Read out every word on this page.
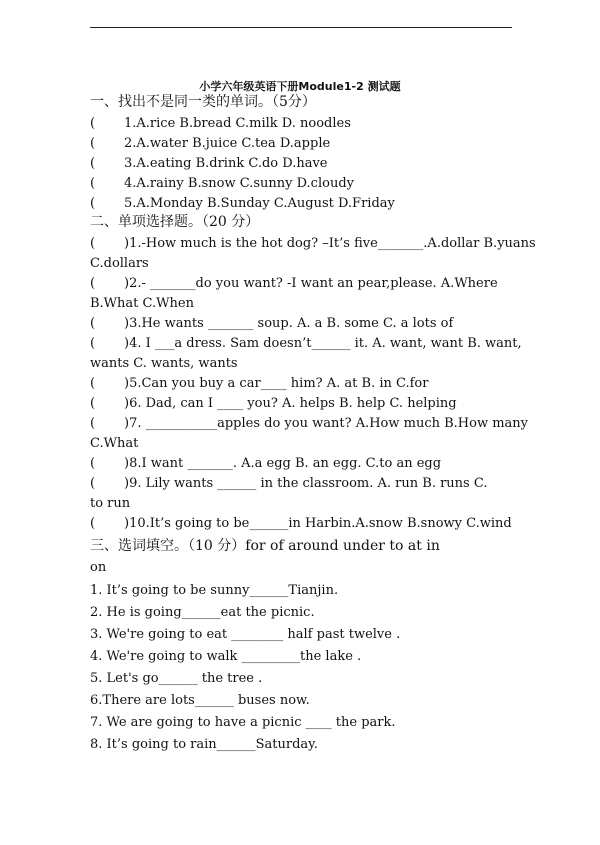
小学六年级英语下册Module1-2 测试题
一、找出不是同一类的单词。（5分）
( 1.A.rice B.bread C.milk D. noodles
( 2.A.water B.juice C.tea D.apple
( 3.A.eating B.drink C.do D.have
( 4.A.rainy B.snow C.sunny D.cloudy
( 5.A.Monday B.Sunday C.August D.Friday
二、单项选择题。（20 分）
( )1.-How much is the hot dog? –It’s five_______.A.dollar B.yuans
C.dollars
( )2.- _______do you want? -I want an pear,please. A.Where
B.What C.When
( )3.He wants _______ soup. A. a B. some C. a lots of
( )4. I ___a dress. Sam doesn’t______ it. A. want, want B. want,
wants C. wants, wants
( )5.Can you buy a car____ him? A. at B. in C.for
( )6. Dad, can I ____ you? A. helps B. help C. helping
( )7. ___________apples do you want? A.How much B.How many
C.What
( )8.I want _______. A.a egg B. an egg. C.to an egg
( )9. Lily wants ______ in the classroom. A. run B. runs C.
to run
( )10.It’s going to be______in Harbin.A.snow B.snowy C.wind
三、选词填空。（10 分）for of around under to at in
on
1. It’s going to be sunny______Tianjin.
2. He is going______eat the picnic.
3. We're going to eat ________ half past twelve .
4. We're going to walk _________the lake .
5. Let's go______ the tree .
6.There are lots______ buses now.
7. We are going to have a picnic ____ the park.
8. It’s going to rain______Saturday.
